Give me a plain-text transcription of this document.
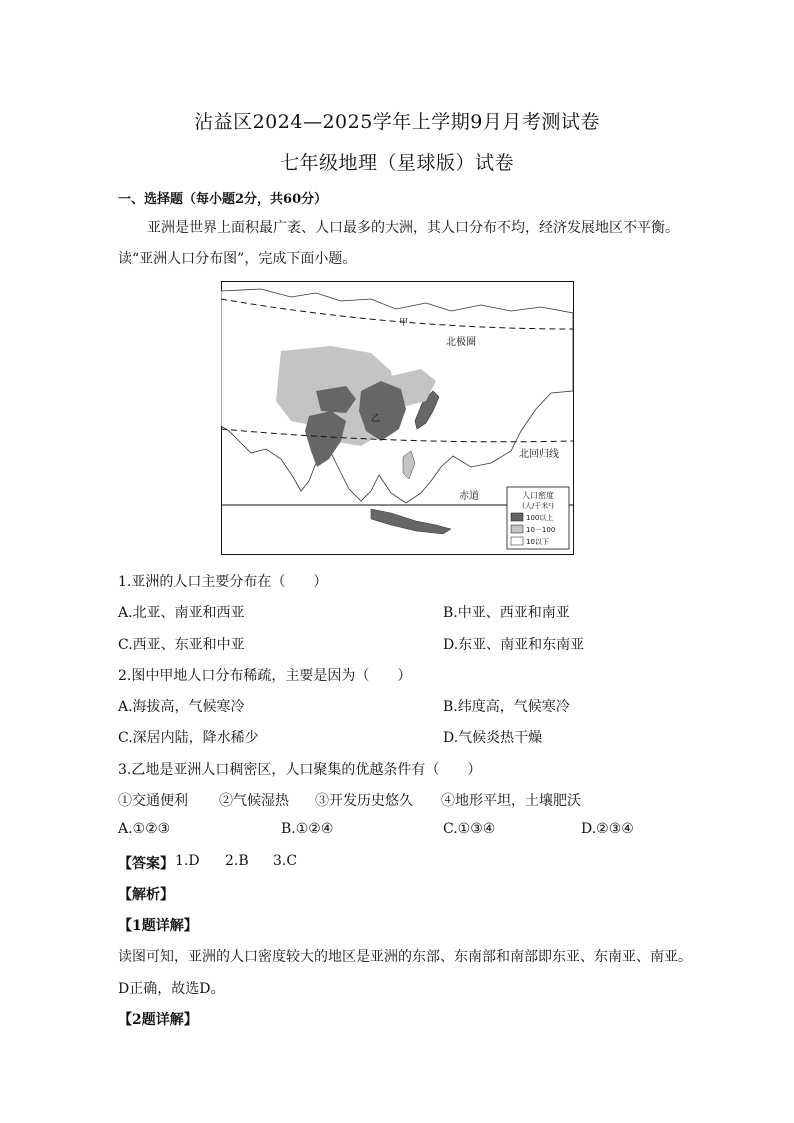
沾益区2024—2025学年上学期9月月考测试卷
七年级地理（星球版）试卷
一、选择题（每小题2分，共60分）
亚洲是世界上面积最广袤、人口最多的大洲，其人口分布不均，经济发展地区不平衡。
读“亚洲人口分布图”，完成下面小题。
甲
乙
北极圈
北回归线
赤道	人口密度
(人/千米²)
100以上
10－100
10以下
1.亚洲的人口主要分布在（　　）
A.北亚、南亚和西亚	B.中亚、西亚和南亚
C.西亚、东亚和中亚	D.东亚、南亚和东南亚
2.图中甲地人口分布稀疏，主要是因为（　　）
A.海拔高，气候寒冷	B.纬度高，气候寒冷
C.深居内陆，降水稀少	D.气候炎热干燥
3.乙地是亚洲人口稠密区，人口聚集的优越条件有（　　）
①交通便利 ②气候湿热 ③开发历史悠久 ④地形平坦，土壤肥沃
A.①②③	B.①②④	C.①③④	D.②③④
【答案】 1.D 2.B 3.C
【解析】
【1题详解】
读图可知，亚洲的人口密度较大的地区是亚洲的东部、东南部和南部即东亚、东南亚、南亚。
D正确，故选D。
【2题详解】
